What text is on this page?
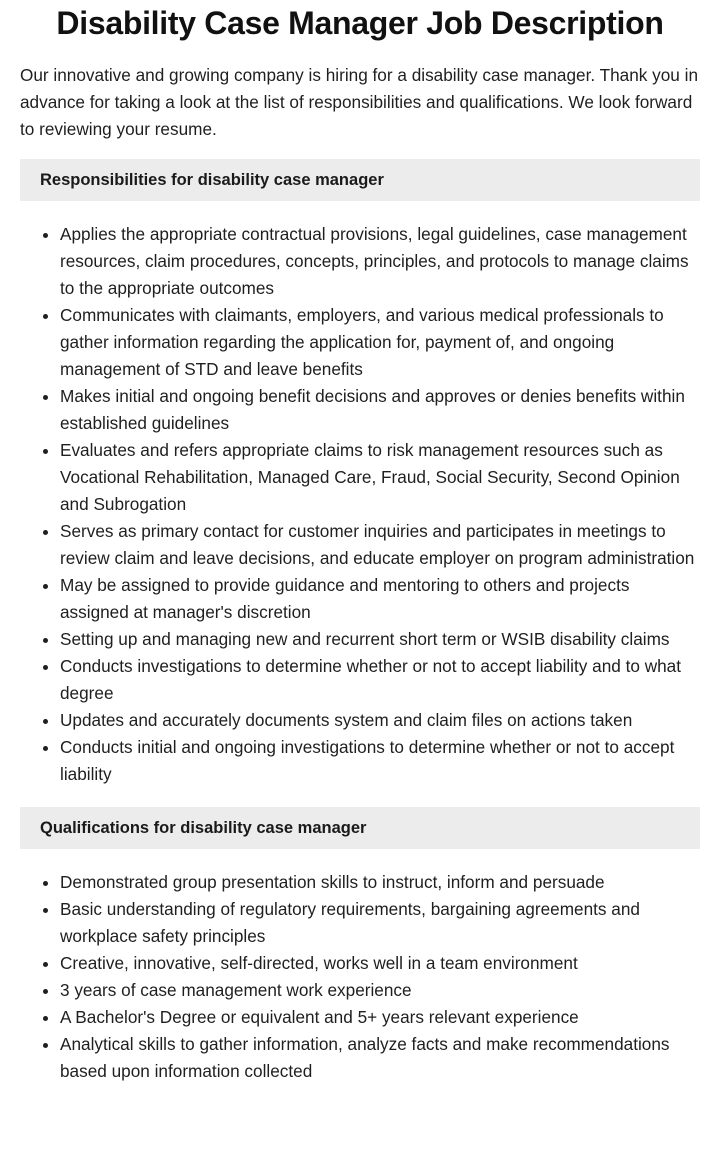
Disability Case Manager Job Description

Our innovative and growing company is hiring for a disability case manager. Thank you in advance for taking a look at the list of responsibilities and qualifications. We look forward to reviewing your resume.

Responsibilities for disability case manager
• Applies the appropriate contractual provisions, legal guidelines, case management resources, claim procedures, concepts, principles, and protocols to manage claims to the appropriate outcomes
• Communicates with claimants, employers, and various medical professionals to gather information regarding the application for, payment of, and ongoing management of STD and leave benefits
• Makes initial and ongoing benefit decisions and approves or denies benefits within established guidelines
• Evaluates and refers appropriate claims to risk management resources such as Vocational Rehabilitation, Managed Care, Fraud, Social Security, Second Opinion and Subrogation
• Serves as primary contact for customer inquiries and participates in meetings to review claim and leave decisions, and educate employer on program administration
• May be assigned to provide guidance and mentoring to others and projects assigned at manager's discretion
• Setting up and managing new and recurrent short term or WSIB disability claims
• Conducts investigations to determine whether or not to accept liability and to what degree
• Updates and accurately documents system and claim files on actions taken
• Conducts initial and ongoing investigations to determine whether or not to accept liability
Qualifications for disability case manager
• Demonstrated group presentation skills to instruct, inform and persuade
• Basic understanding of regulatory requirements, bargaining agreements and workplace safety principles
• Creative, innovative, self-directed, works well in a team environment
• 3 years of case management work experience
• A Bachelor's Degree or equivalent and 5+ years relevant experience
• Analytical skills to gather information, analyze facts and make recommendations based upon information collected
